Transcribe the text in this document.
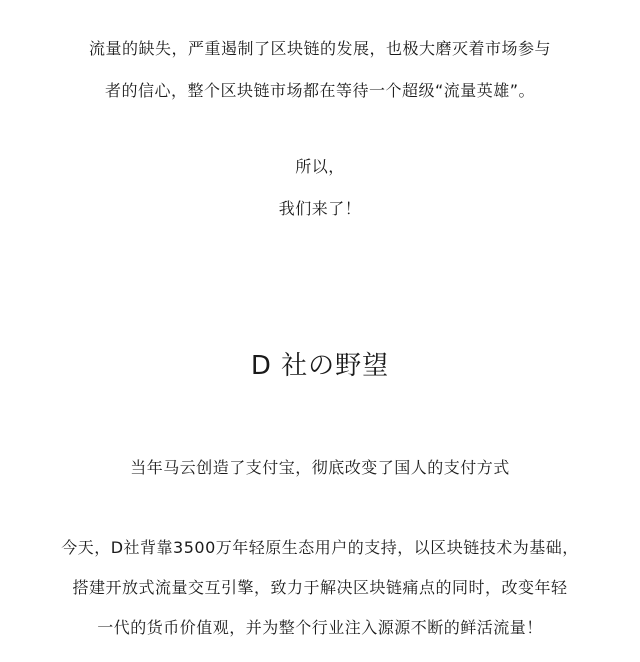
流量的缺失，严重遏制了区块链的发展，也极大磨灭着市场参与
者的信心，整个区块链市场都在等待一个超级“流量英雄”。
所以，
我们来了！
D 社の野望
当年马云创造了支付宝，彻底改变了国人的支付方式
今天，D社背靠3500万年轻原生态用户的支持，以区块链技术为基础，
搭建开放式流量交互引擎，致力于解决区块链痛点的同时，改变年轻
一代的货币价值观，并为整个行业注入源源不断的鲜活流量！
